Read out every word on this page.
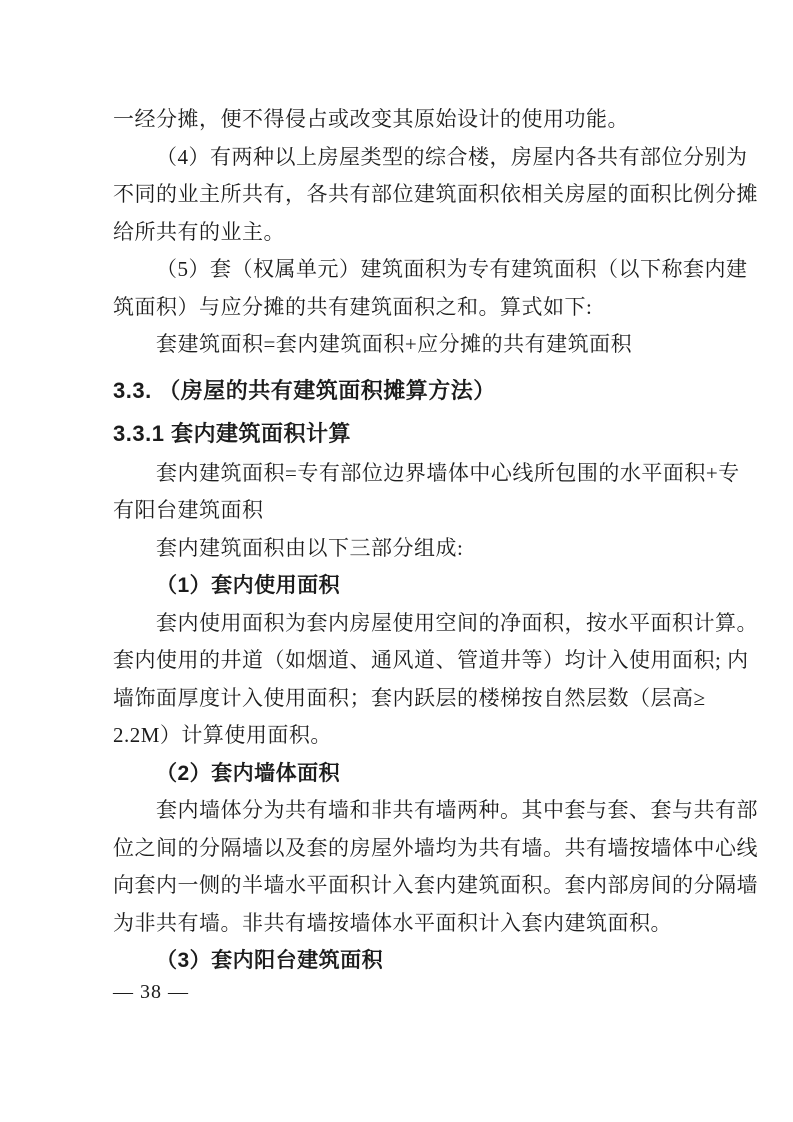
一经分摊，便不得侵占或改变其原始设计的使用功能。
（4）有两种以上房屋类型的综合楼，房屋内各共有部位分别为
不同的业主所共有，各共有部位建筑面积依相关房屋的面积比例分摊
给所共有的业主。
（5）套（权属单元）建筑面积为专有建筑面积（以下称套内建
筑面积）与应分摊的共有建筑面积之和。算式如下:
套建筑面积=套内建筑面积+应分摊的共有建筑面积
3.3. （房屋的共有建筑面积摊算方法）
3.3.1 套内建筑面积计算
套内建筑面积=专有部位边界墙体中心线所包围的水平面积+专
有阳台建筑面积
套内建筑面积由以下三部分组成:
（1）套内使用面积
套内使用面积为套内房屋使用空间的净面积，按水平面积计算。
套内使用的井道（如烟道、通风道、管道井等）均计入使用面积; 内
墙饰面厚度计入使用面积；套内跃层的楼梯按自然层数（层高≥
2.2M）计算使用面积。
（2）套内墙体面积
套内墙体分为共有墙和非共有墙两种。其中套与套、套与共有部
位之间的分隔墙以及套的房屋外墙均为共有墙。共有墙按墙体中心线
向套内一侧的半墙水平面积计入套内建筑面积。套内部房间的分隔墙
为非共有墙。非共有墙按墙体水平面积计入套内建筑面积。
（3）套内阳台建筑面积
— 38 —
